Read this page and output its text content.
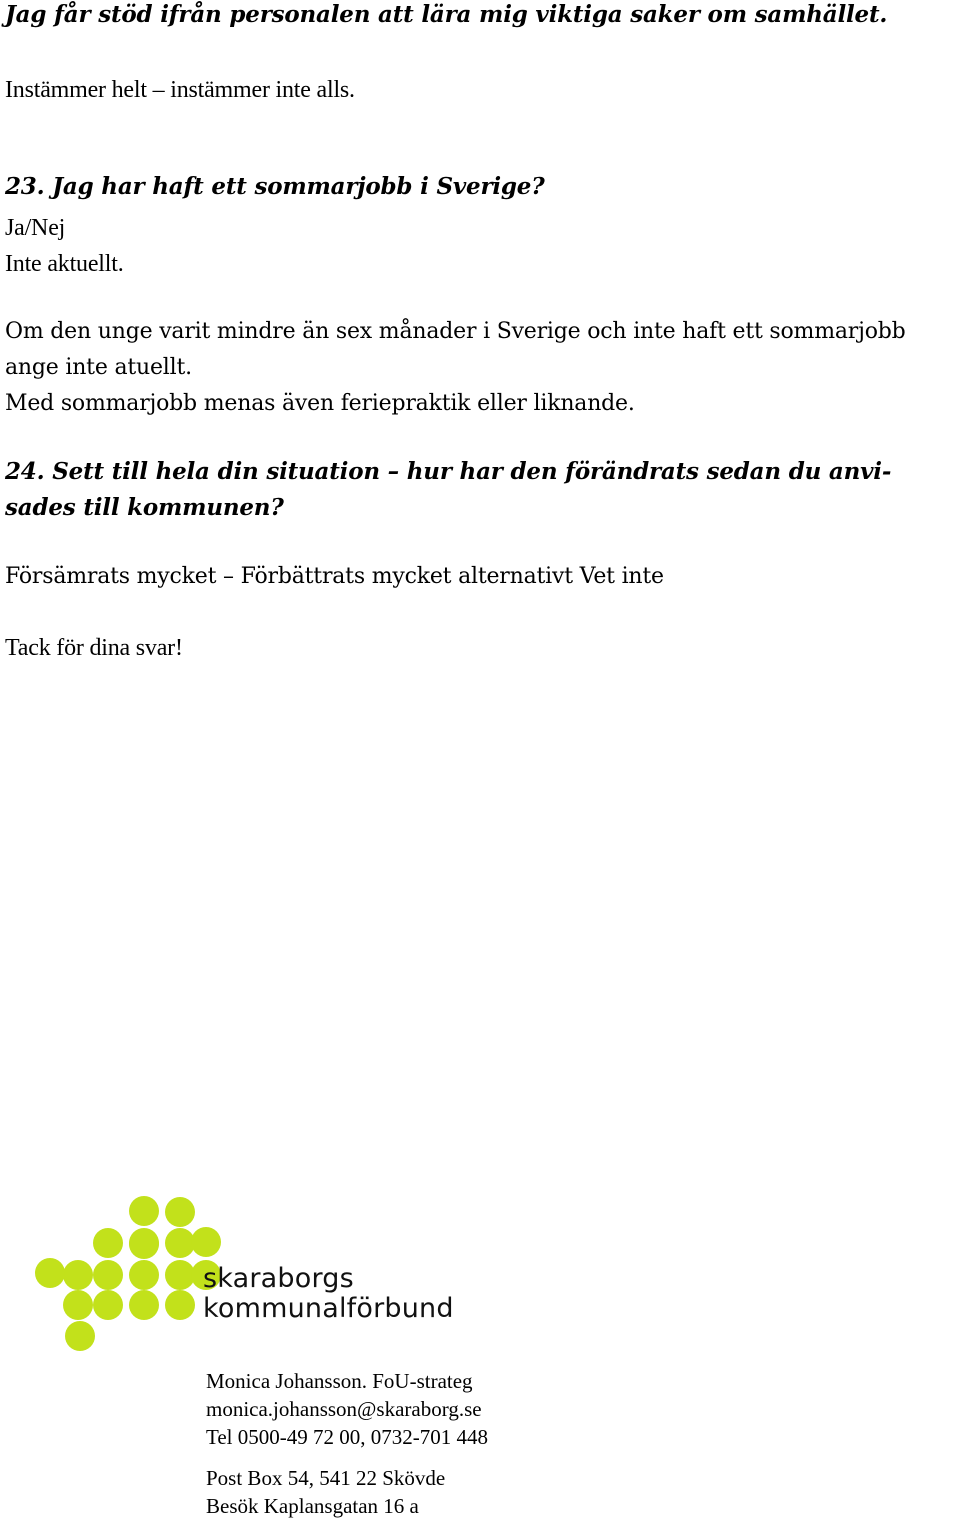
Jag får stöd ifrån personalen att lära mig viktiga saker om samhället.
Instämmer helt – instämmer inte alls.
23. Jag har haft ett sommarjobb i Sverige?
Ja/Nej
Inte aktuellt.
Om den unge varit mindre än sex månader i Sverige och inte haft ett sommarjobb
ange inte atuellt.
Med sommarjobb menas även feriepraktik eller liknande.
24. Sett till hela din situation – hur har den förändrats sedan du anvi-
sades till kommunen?
Försämrats mycket – Förbättrats mycket alternativt Vet inte
Tack för dina svar!
skaraborgs
kommunalförbund
Monica Johansson. FoU-strateg
monica.johansson@skaraborg.se
Tel 0500-49 72 00, 0732-701 448
Post Box 54, 541 22 Skövde
Besök Kaplansgatan 16 a
